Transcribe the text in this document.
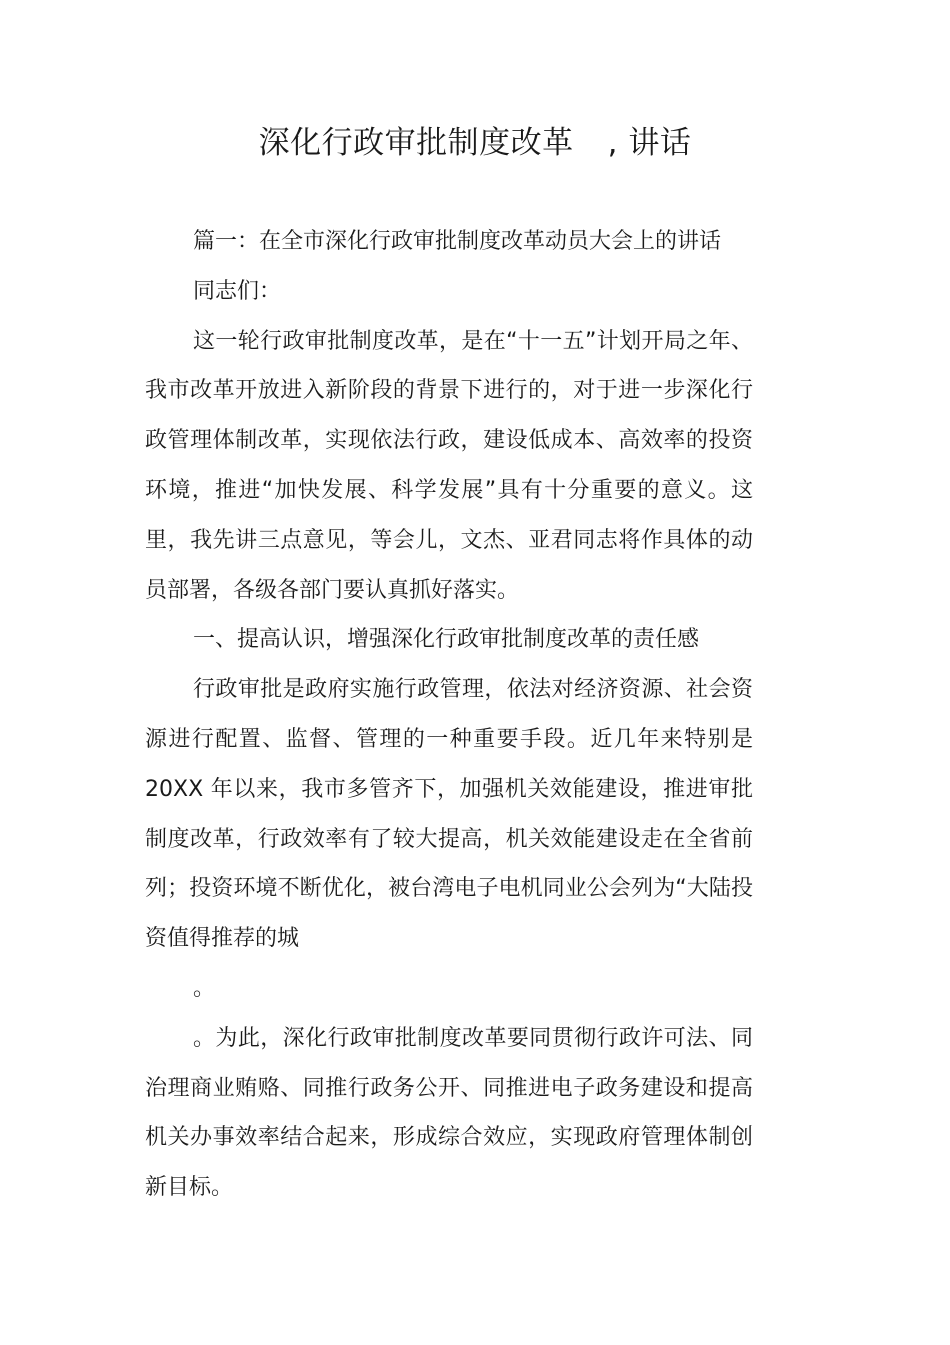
深化行政审批制度改革 , 讲话

篇一：在全市深化行政审批制度改革动员大会上的讲话

同志们：

这一轮行政审批制度改革，是在“十一五”计划开局之年、我市改革开放进入新阶段的背景下进行的，对于进一步深化行政管理体制改革，实现依法行政，建设低成本、高效率的投资环境，推进“加快发展、科学发展”具有十分重要的意义。这里，我先讲三点意见，等会儿，文杰、亚君同志将作具体的动员部署，各级各部门要认真抓好落实。

一、提高认识，增强深化行政审批制度改革的责任感

行政审批是政府实施行政管理，依法对经济资源、社会资源进行配置、监督、管理的一种重要手段。近几年来特别是 20XX 年以来，我市多管齐下，加强机关效能建设，推进审批制度改革，行政效率有了较大提高，机关效能建设走在全省前列；投资环境不断优化，被台湾电子电机同业公会列为“大陆投资值得推荐的城

。

。为此，深化行政审批制度改革要同贯彻行政许可法、同治理商业贿赂、同推行政务公开、同推进电子政务建设和提高机关办事效率结合起来，形成综合效应，实现政府管理体制创新目标。
